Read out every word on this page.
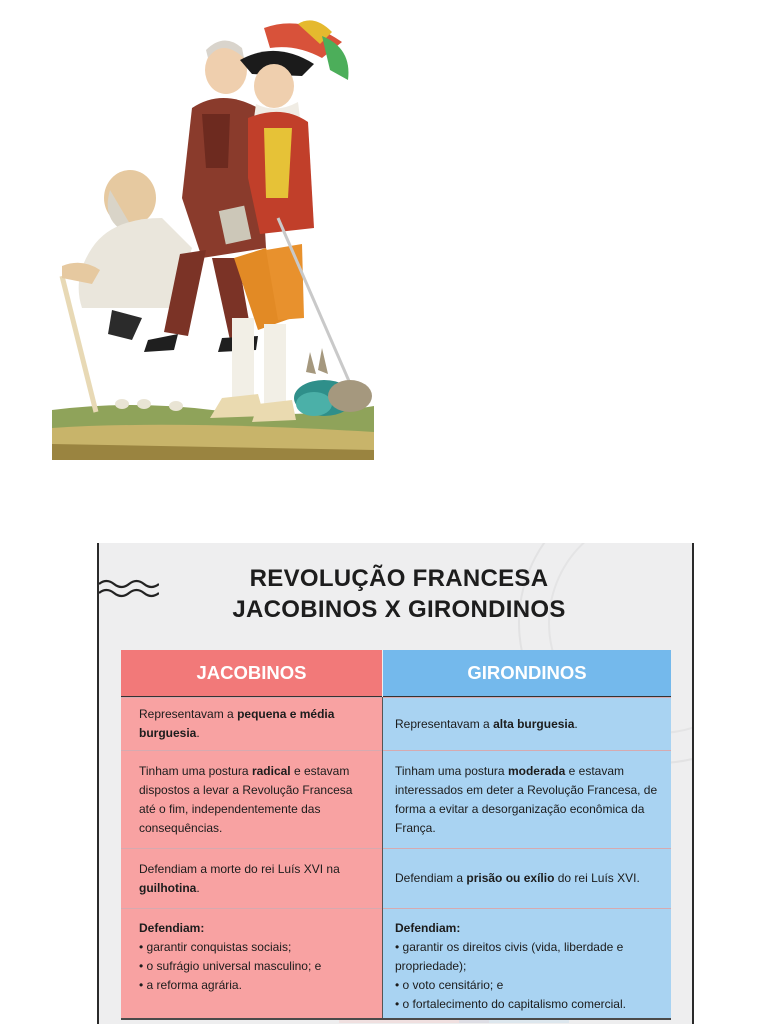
REVOLUÇÃO FRANCESA
JACOBINOS X GIRONDINOS
JACOBINOS	GIRONDINOS
Representavam a pequena e média burguesia.
Representavam a alta burguesia.
Tinham uma postura radical e estavam dispostos a levar a Revolução Francesa até o fim, independentemente das consequências.
Tinham uma postura moderada e estavam interessados em deter a Revolução Francesa, de forma a evitar a desorganização econômica da França.
Defendiam a morte do rei Luís XVI na guilhotina.
Defendiam a prisão ou exílio do rei Luís XVI.
Defendiam:
• garantir conquistas sociais;
• o sufrágio universal masculino; e
• a reforma agrária.
Defendiam:
• garantir os direitos civis (vida, liberdade e propriedade);
• o voto censitário; e
• o fortalecimento do capitalismo comercial.
